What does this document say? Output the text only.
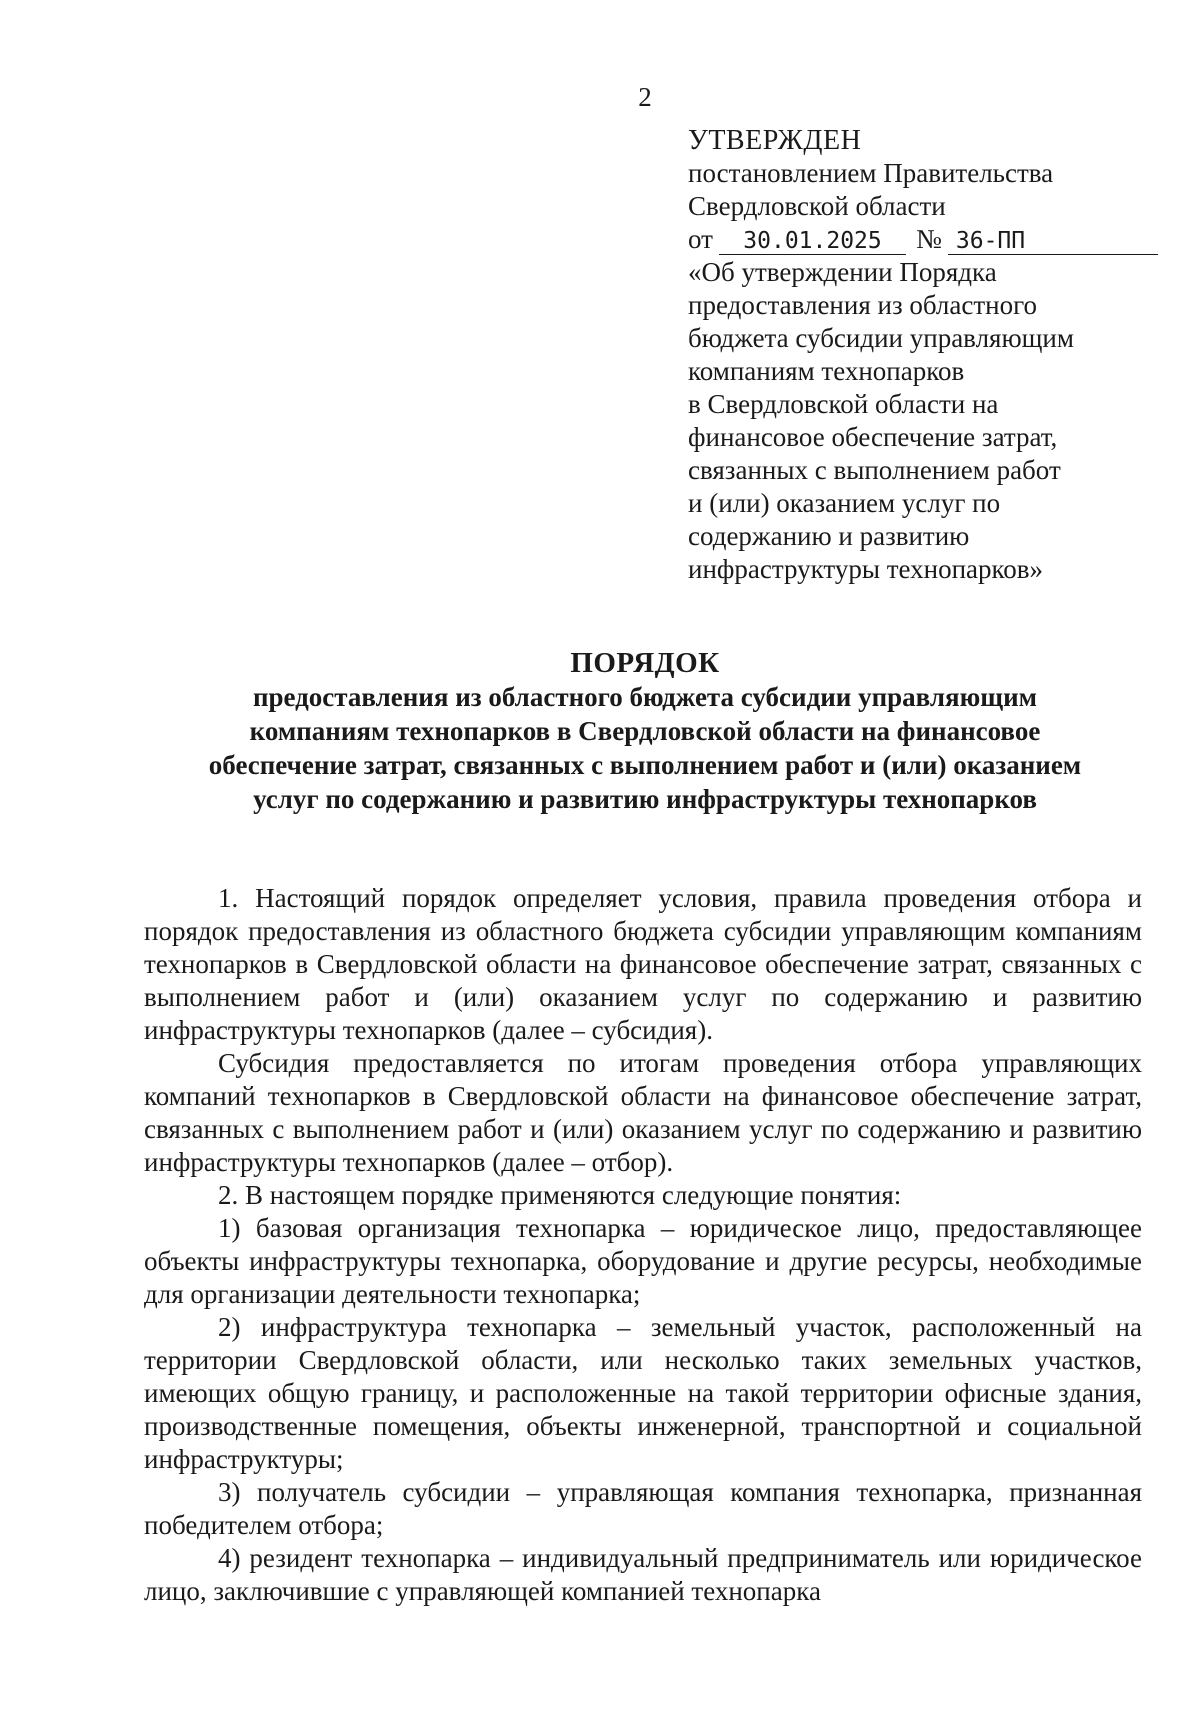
2
УТВЕРЖДЕН
постановлением Правительства
Свердловской области
от	30.01.2025	№ 36-ПП
«Об утверждении Порядка
предоставления из областного
бюджета субсидии управляющим
компаниям технопарков
в Свердловской области на
финансовое обеспечение затрат,
связанных с выполнением работ
и (или) оказанием услуг по
содержанию и развитию
инфраструктуры технопарков»
ПОРЯДОК
предоставления из областного бюджета субсидии управляющим
компаниям технопарков в Свердловской области на финансовое
обеспечение затрат, связанных с выполнением работ и (или) оказанием
услуг по содержанию и развитию инфраструктуры технопарков

1. Настоящий порядок определяет условия, правила проведения отбора и порядок предоставления из областного бюджета субсидии управляющим компаниям технопарков в Свердловской области на финансовое обеспечение затрат, связанных с выполнением работ и (или) оказанием услуг по содержанию и развитию инфраструктуры технопарков (далее – субсидия).

Субсидия предоставляется по итогам проведения отбора управляющих компаний технопарков в Свердловской области на финансовое обеспечение затрат, связанных с выполнением работ и (или) оказанием услуг по содержанию и развитию инфраструктуры технопарков (далее – отбор).

2. В настоящем порядке применяются следующие понятия:

1) базовая организация технопарка – юридическое лицо, предоставляющее объекты инфраструктуры технопарка, оборудование и другие ресурсы, необходимые для организации деятельности технопарка;

2) инфраструктура технопарка – земельный участок, расположенный на территории Свердловской области, или несколько таких земельных участков, имеющих общую границу, и расположенные на такой территории офисные здания, производственные помещения, объекты инженерной, транспортной и социальной инфраструктуры;

3) получатель субсидии – управляющая компания технопарка, признанная победителем отбора;

4) резидент технопарка – индивидуальный предприниматель или юридическое лицо, заключившие с управляющей компанией технопарка
